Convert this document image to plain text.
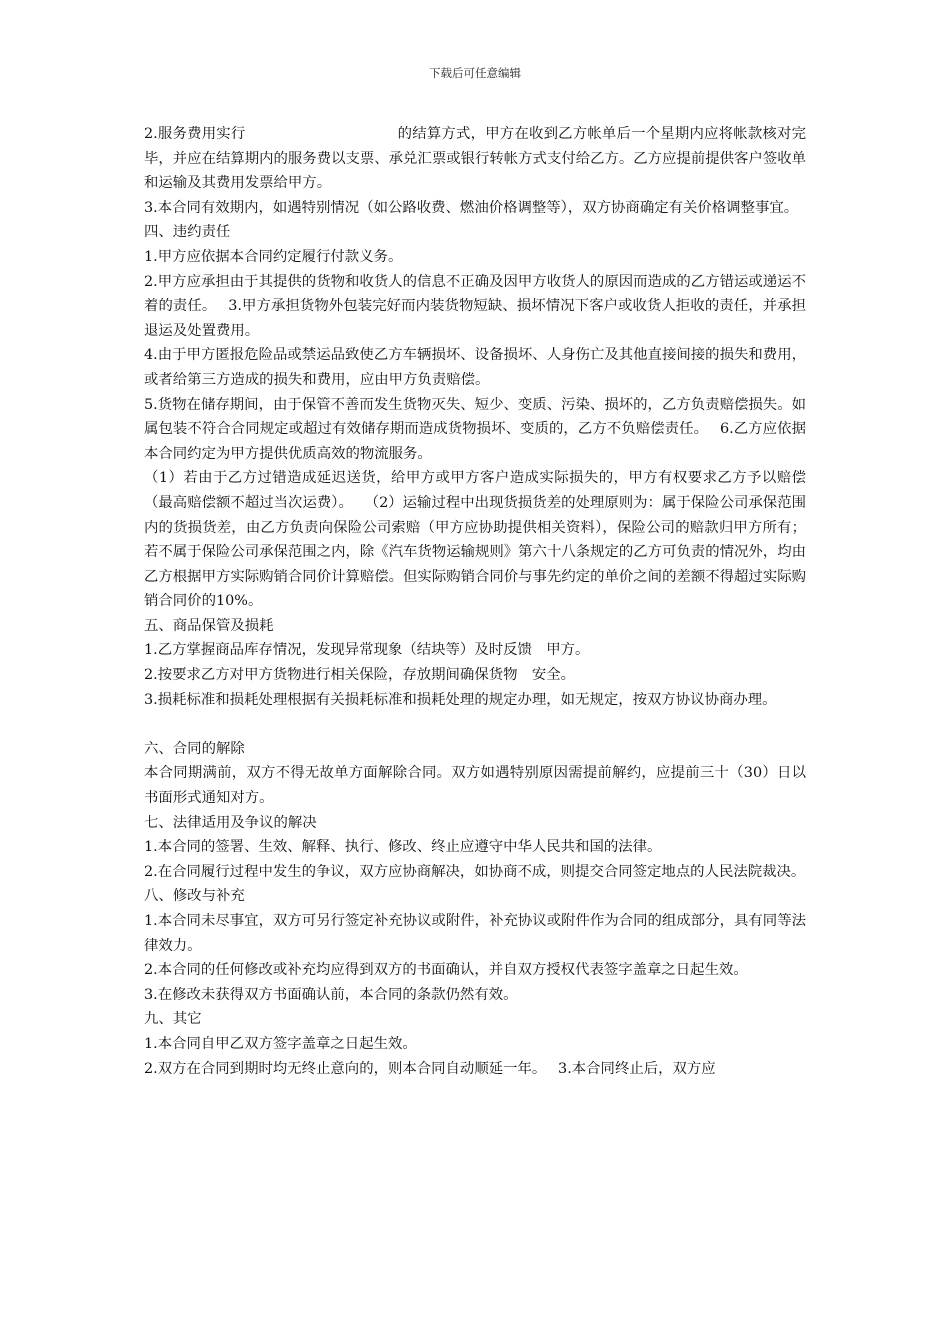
下载后可任意编辑

2.服务费用实行	的结算方式，甲方在收到乙方帐单后一个星期内应将帐款核对完毕，并应在结算期内的服务费以支票、承兑汇票或银行转帐方式支付给乙方。乙方应提前提供客户签收单和运输及其费用发票给甲方。

3.本合同有效期内，如遇特别情况（如公路收费、燃油价格调整等），双方协商确定有关价格调整事宜。

四、违约责任

1.甲方应依据本合同约定履行付款义务。

2.甲方应承担由于其提供的货物和收货人的信息不正确及因甲方收货人的原因而造成的乙方错运或递运不着的责任。　 3.甲方承担货物外包装完好而内装货物短缺、损坏情况下客户或收货人拒收的责任，并承担退运及处置费用。

4.由于甲方匿报危险品或禁运品致使乙方车辆损坏、设备损坏、人身伤亡及其他直接间接的损失和费用，或者给第三方造成的损失和费用，应由甲方负责赔偿。

5.货物在储存期间，由于保管不善而发生货物灭失、短少、变质、污染、损坏的，乙方负责赔偿损失。如属包装不符合合同规定或超过有效储存期而造成货物损坏、变质的，乙方不负赔偿责任。　 6.乙方应依据本合同约定为甲方提供优质高效的物流服务。

（1）若由于乙方过错造成延迟送货，给甲方或甲方客户造成实际损失的，甲方有权要求乙方予以赔偿（最高赔偿额不超过当次运费）。　 （2）运输过程中出现货损货差的处理原则为：属于保险公司承保范围内的货损货差，由乙方负责向保险公司索赔（甲方应协助提供相关资料），保险公司的赔款归甲方所有；若不属于保险公司承保范围之内，除《汽车货物运输规则》第六十八条规定的乙方可负责的情况外，均由乙方根据甲方实际购销合同价计算赔偿。但实际购销合同价与事先约定的单价之间的差额不得超过实际购销合同价的10%。

五、商品保管及损耗

1.乙方掌握商品库存情况，发现异常现象（结块等）及时反馈　甲方。

2.按要求乙方对甲方货物进行相关保险，存放期间确保货物　安全。

3.损耗标准和损耗处理根据有关损耗标准和损耗处理的规定办理，如无规定，按双方协议协商办理。

六、合同的解除

本合同期满前，双方不得无故单方面解除合同。双方如遇特别原因需提前解约，应提前三十（30）日以书面形式通知对方。

七、法律适用及争议的解决

1.本合同的签署、生效、解释、执行、修改、终止应遵守中华人民共和国的法律。

2.在合同履行过程中发生的争议，双方应协商解决，如协商不成，则提交合同签定地点的人民法院裁决。

八、修改与补充

1.本合同未尽事宜，双方可另行签定补充协议或附件，补充协议或附件作为合同的组成部分，具有同等法律效力。

2.本合同的任何修改或补充均应得到双方的书面确认，并自双方授权代表签字盖章之日起生效。

3.在修改未获得双方书面确认前，本合同的条款仍然有效。

九、其它

1.本合同自甲乙双方签字盖章之日起生效。

2.双方在合同到期时均无终止意向的，则本合同自动顺延一年。　 3.本合同终止后，双方应
